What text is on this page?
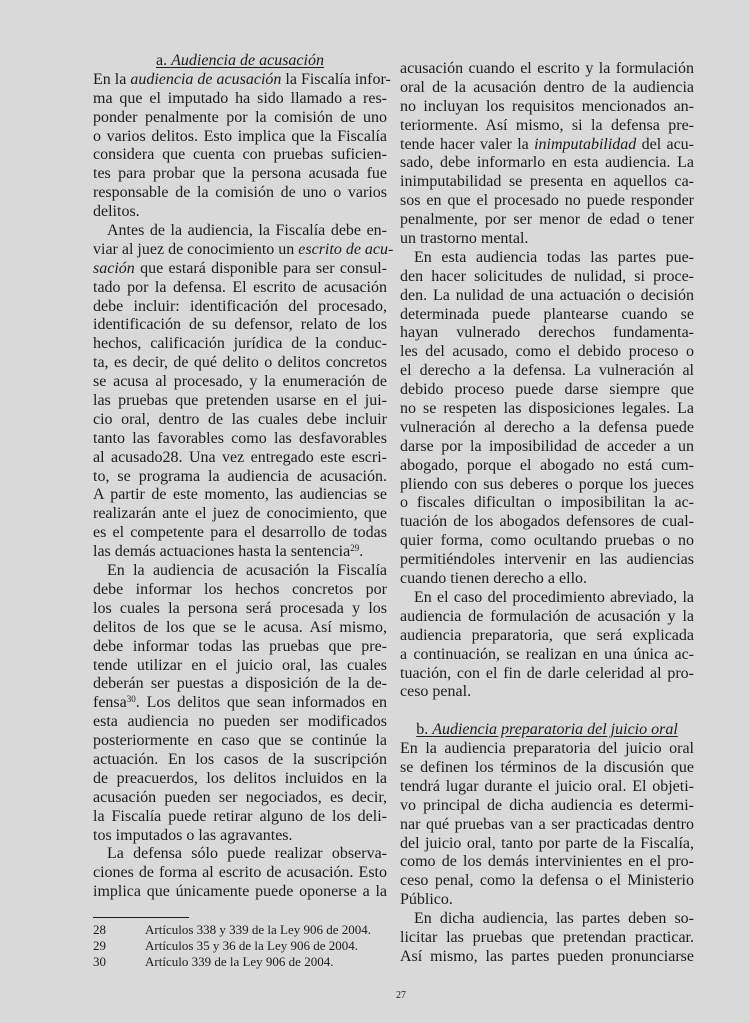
a. Audiencia de acusación
En la audiencia de acusación la Fiscalía infor-
ma que el imputado ha sido llamado a res-
ponder penalmente por la comisión de uno
o varios delitos. Esto implica que la Fiscalía
considera que cuenta con pruebas suficien-
tes para probar que la persona acusada fue
responsable de la comisión de uno o varios
delitos.
Antes de la audiencia, la Fiscalía debe en-
viar al juez de conocimiento un escrito de acu-
sación que estará disponible para ser consul-
tado por la defensa. El escrito de acusación
debe incluir: identificación del procesado,
identificación de su defensor, relato de los
hechos, calificación jurídica de la conduc-
ta, es decir, de qué delito o delitos concretos
se acusa al procesado, y la enumeración de
las pruebas que pretenden usarse en el jui-
cio oral, dentro de las cuales debe incluir
tanto las favorables como las desfavorables
al acusado28. Una vez entregado este escri-
to, se programa la audiencia de acusación.
A partir de este momento, las audiencias se
realizarán ante el juez de conocimiento, que
es el competente para el desarrollo de todas
las demás actuaciones hasta la sentencia$^{29}$.
En la audiencia de acusación la Fiscalía
debe informar los hechos concretos por
los cuales la persona será procesada y los
delitos de los que se le acusa. Así mismo,
debe informar todas las pruebas que pre-
tende utilizar en el juicio oral, las cuales
deberán ser puestas a disposición de la de-
fensa$^{30}$. Los delitos que sean informados en
esta audiencia no pueden ser modificados
posteriormente en caso que se continúe la
actuación. En los casos de la suscripción
de preacuerdos, los delitos incluidos en la
acusación pueden ser negociados, es decir,
la Fiscalía puede retirar alguno de los deli-
tos imputados o las agravantes.
La defensa sólo puede realizar observa-
ciones de forma al escrito de acusación. Esto
implica que únicamente puede oponerse a la
acusación cuando el escrito y la formulación
oral de la acusación dentro de la audiencia
no incluyan los requisitos mencionados an-
teriormente. Así mismo, si la defensa pre-
tende hacer valer la inimputabilidad del acu-
sado, debe informarlo en esta audiencia. La
inimputabilidad se presenta en aquellos ca-
sos en que el procesado no puede responder
penalmente, por ser menor de edad o tener
un trastorno mental.
En esta audiencia todas las partes pue-
den hacer solicitudes de nulidad, si proce-
den. La nulidad de una actuación o decisión
determinada puede plantearse cuando se
hayan vulnerado derechos fundamenta-
les del acusado, como el debido proceso o
el derecho a la defensa. La vulneración al
debido proceso puede darse siempre que
no se respeten las disposiciones legales. La
vulneración al derecho a la defensa puede
darse por la imposibilidad de acceder a un
abogado, porque el abogado no está cum-
pliendo con sus deberes o porque los jueces
o fiscales dificultan o imposibilitan la ac-
tuación de los abogados defensores de cual-
quier forma, como ocultando pruebas o no
permitiéndoles intervenir en las audiencias
cuando tienen derecho a ello.
En el caso del procedimiento abreviado, la
audiencia de formulación de acusación y la
audiencia preparatoria, que será explicada
a continuación, se realizan en una única ac-
tuación, con el fin de darle celeridad al pro-
ceso penal.
b. Audiencia preparatoria del juicio oral
En la audiencia preparatoria del juicio oral
se definen los términos de la discusión que
tendrá lugar durante el juicio oral. El objeti-
vo principal de dicha audiencia es determi-
nar qué pruebas van a ser practicadas dentro
del juicio oral, tanto por parte de la Fiscalía,
como de los demás intervinientes en el pro-
ceso penal, como la defensa o el Ministerio
Público.
En dicha audiencia, las partes deben so-
licitar las pruebas que pretendan practicar.
Así mismo, las partes pueden pronunciarse
28	Artículos 338 y 339 de la Ley 906 de 2004.
29	Artículos 35 y 36 de la Ley 906 de 2004.
30	Artículo 339 de la Ley 906 de 2004.
27
